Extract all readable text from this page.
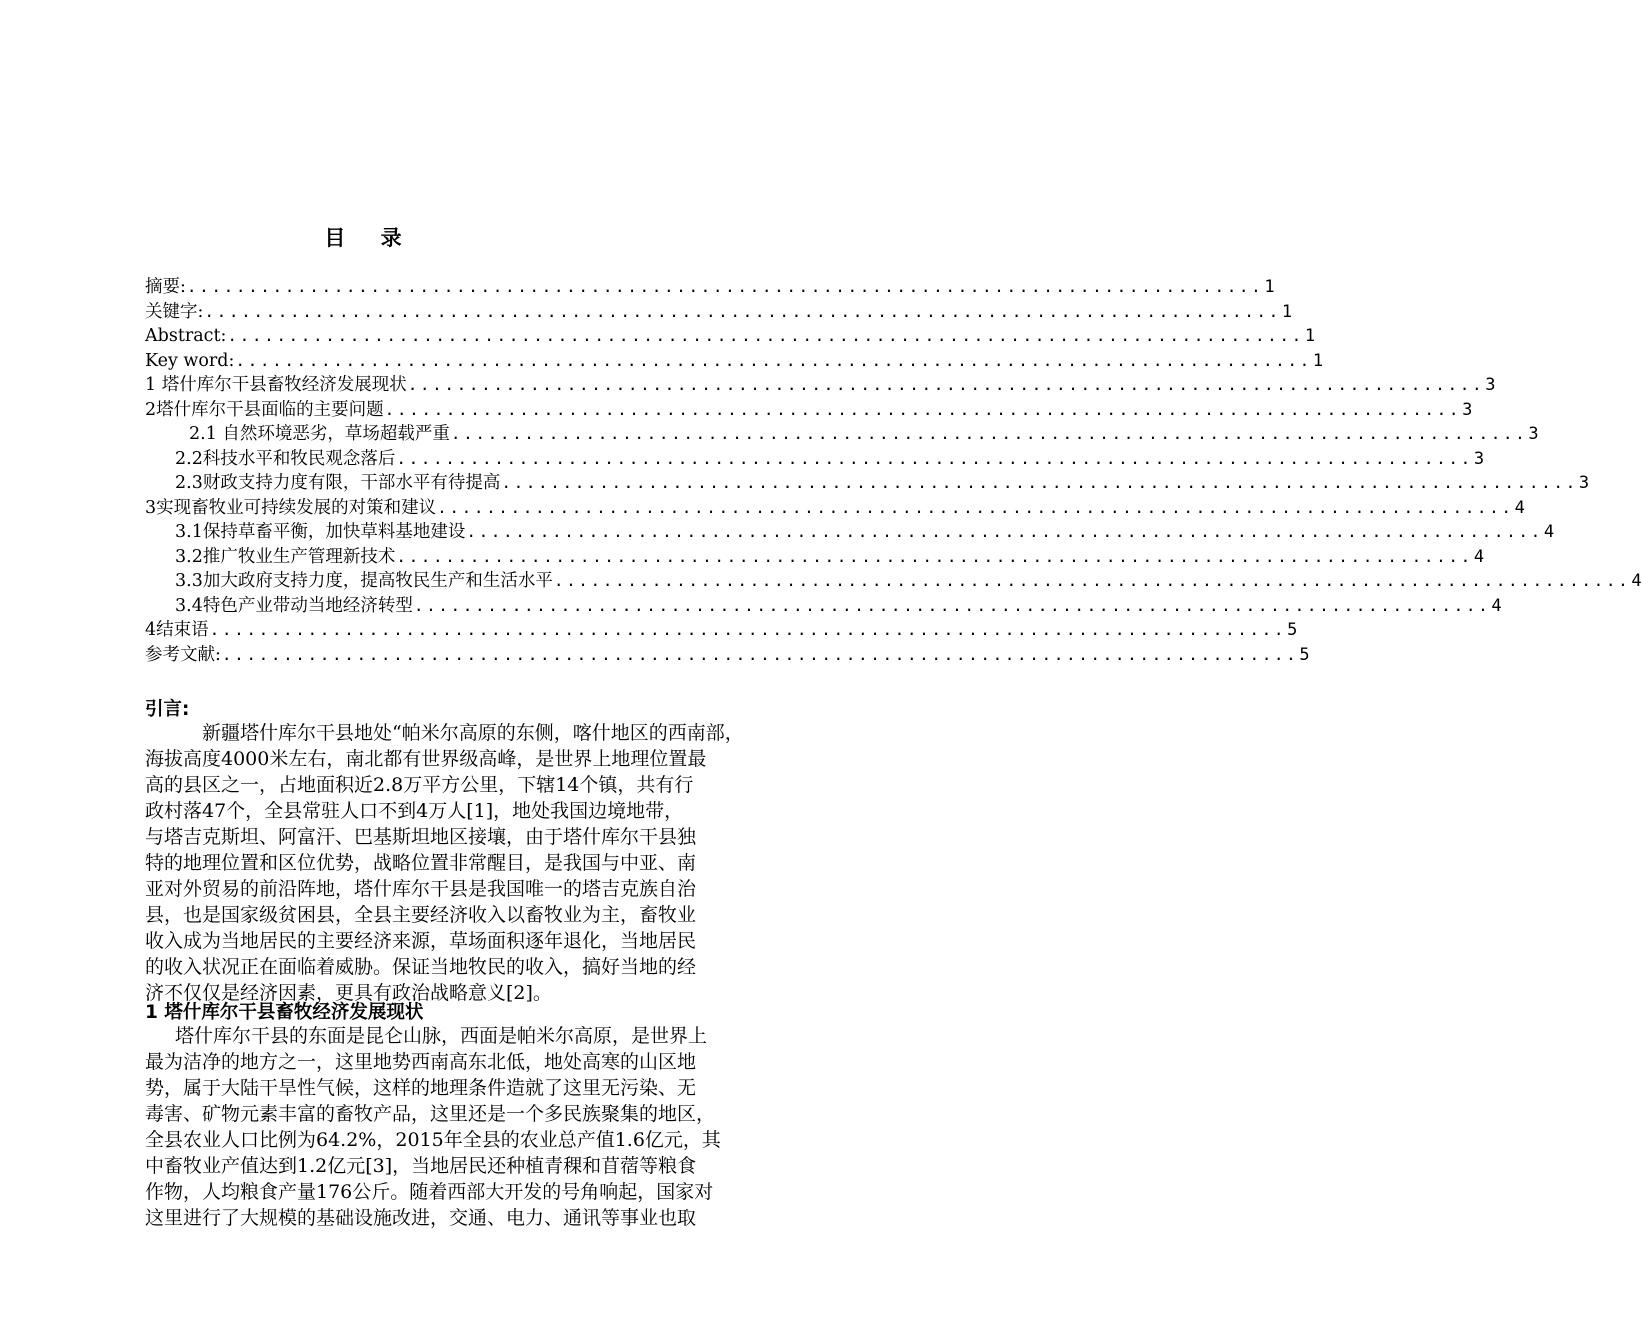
目 录
摘要: ........................................................................................ 1
关键字: ........................................................................................ 1
Abstract: ........................................................................................ 1
Key word: ........................................................................................ 1
1 塔什库尔干县畜牧经济发展现状 ........................................................................................ 3
2塔什库尔干县面临的主要问题 ........................................................................................ 3
2.1 自然环境恶劣，草场超载严重 ........................................................................................ 3
2.2科技水平和牧民观念落后 ........................................................................................ 3
2.3财政支持力度有限，干部水平有待提高 ........................................................................................ 3
3实现畜牧业可持续发展的对策和建议 ........................................................................................ 4
3.1保持草畜平衡，加快草料基地建设 ........................................................................................ 4
3.2推广牧业生产管理新技术 ........................................................................................ 4
3.3加大政府支持力度，提高牧民生产和生活水平 ........................................................................................ 4
3.4特色产业带动当地经济转型 ........................................................................................ 4
4结束语 ........................................................................................ 5
参考文献: ........................................................................................ 5
引言:
新疆塔什库尔干县地处“帕米尔高原的东侧，喀什地区的西南部，
海拔高度4000米左右，南北都有世界级高峰，是世界上地理位置最
高的县区之一，占地面积近2.8万平方公里，下辖14个镇，共有行
政村落47个，全县常驻人口不到4万人[1]，地处我国边境地带，
与塔吉克斯坦、阿富汗、巴基斯坦地区接壤，由于塔什库尔干县独
特的地理位置和区位优势，战略位置非常醒目，是我国与中亚、南
亚对外贸易的前沿阵地，塔什库尔干县是我国唯一的塔吉克族自治
县，也是国家级贫困县，全县主要经济收入以畜牧业为主，畜牧业
收入成为当地居民的主要经济来源，草场面积逐年退化，当地居民
的收入状况正在面临着威胁。保证当地牧民的收入，搞好当地的经
济不仅仅是经济因素，更具有政治战略意义[2]。
1 塔什库尔干县畜牧经济发展现状
塔什库尔干县的东面是昆仑山脉，西面是帕米尔高原，是世界上
最为洁净的地方之一，这里地势西南高东北低，地处高寒的山区地
势，属于大陆干旱性气候，这样的地理条件造就了这里无污染、无
毒害、矿物元素丰富的畜牧产品，这里还是一个多民族聚集的地区，
全县农业人口比例为64.2%，2015年全县的农业总产值1.6亿元，其
中畜牧业产值达到1.2亿元[3]，当地居民还种植青稞和苜蓿等粮食
作物，人均粮食产量176公斤。随着西部大开发的号角响起，国家对
这里进行了大规模的基础设施改进，交通、电力、通讯等事业也取
